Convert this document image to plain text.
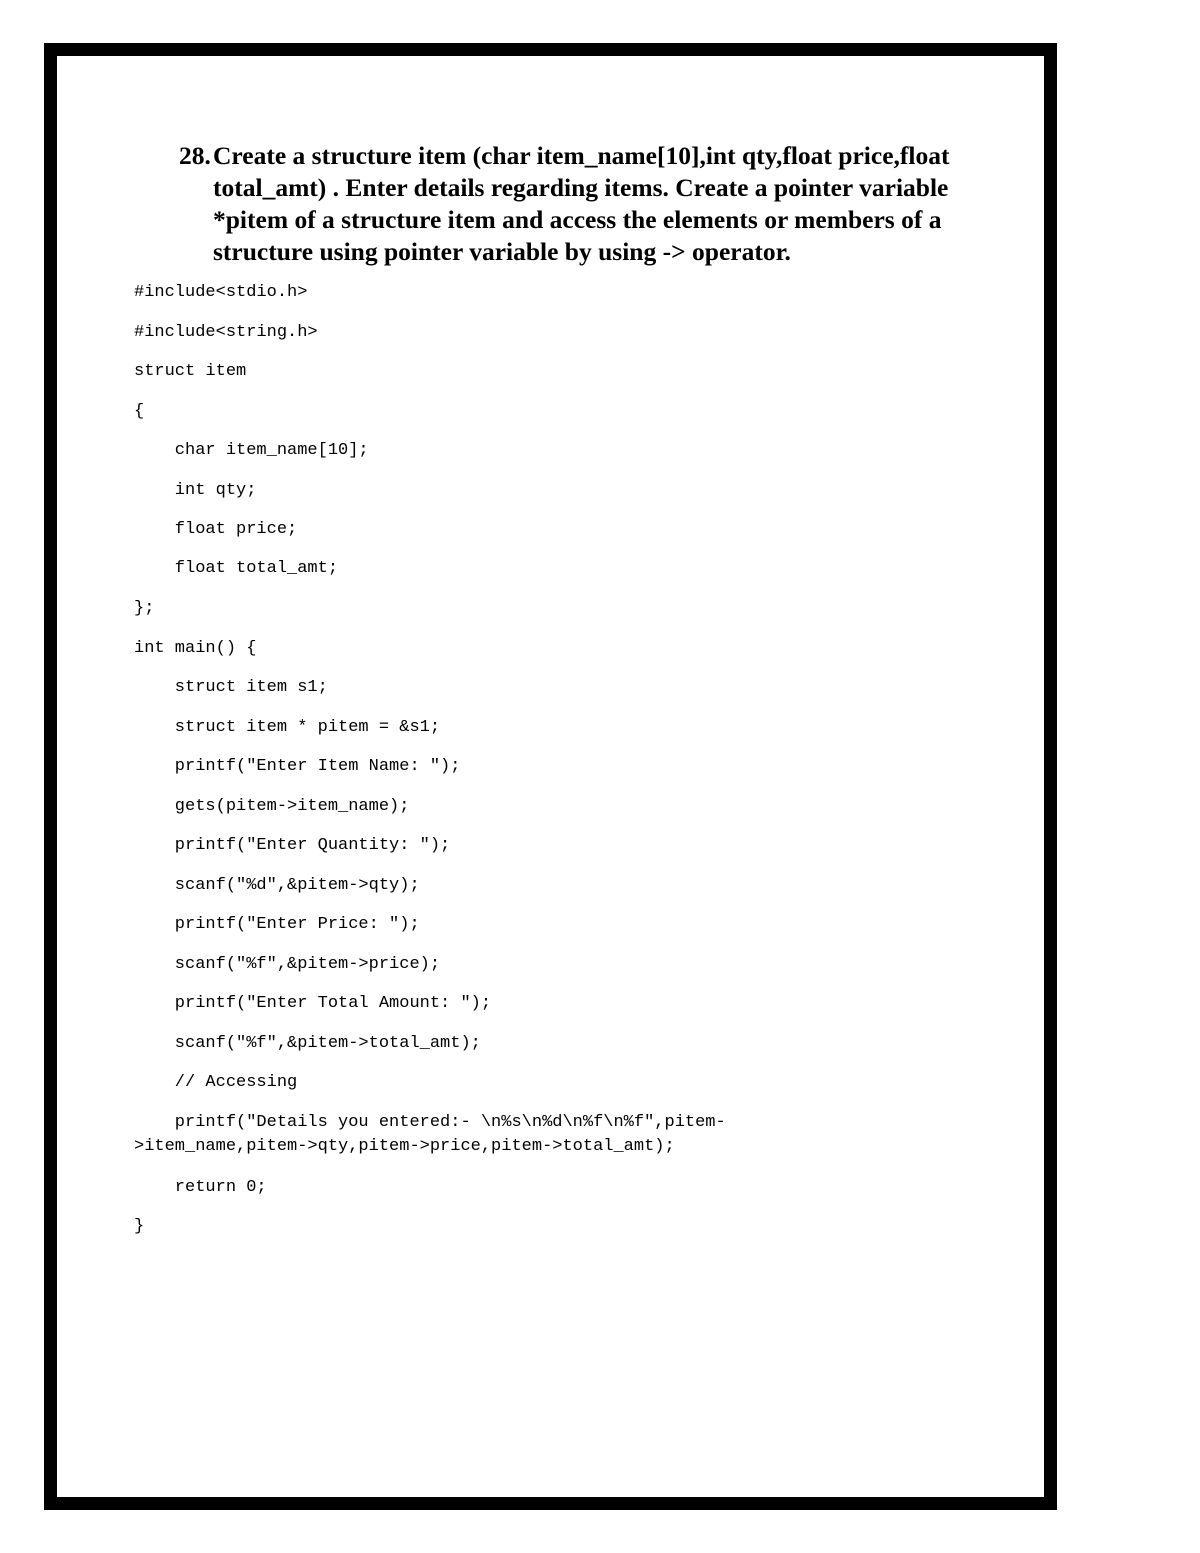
28.Create a structure item (char item_name[10],int qty,float price,float
total_amt) . Enter details regarding items. Create a pointer variable
*pitem of a structure item and access the elements or members of a
structure using pointer variable by using -> operator.
#include<stdio.h>
#include<string.h>
struct item
{
char item_name[10];
int qty;
float price;
float total_amt;
};
int main() {
struct item s1;
struct item * pitem = &s1;
printf("Enter Item Name: ");
gets(pitem->item_name);
printf("Enter Quantity: ");
scanf("%d",&pitem->qty);
printf("Enter Price: ");
scanf("%f",&pitem->price);
printf("Enter Total Amount: ");
scanf("%f",&pitem->total_amt);
// Accessing
printf("Details you entered:- \n%s\n%d\n%f\n%f",pitem-
>item_name,pitem->qty,pitem->price,pitem->total_amt);
return 0;
}
